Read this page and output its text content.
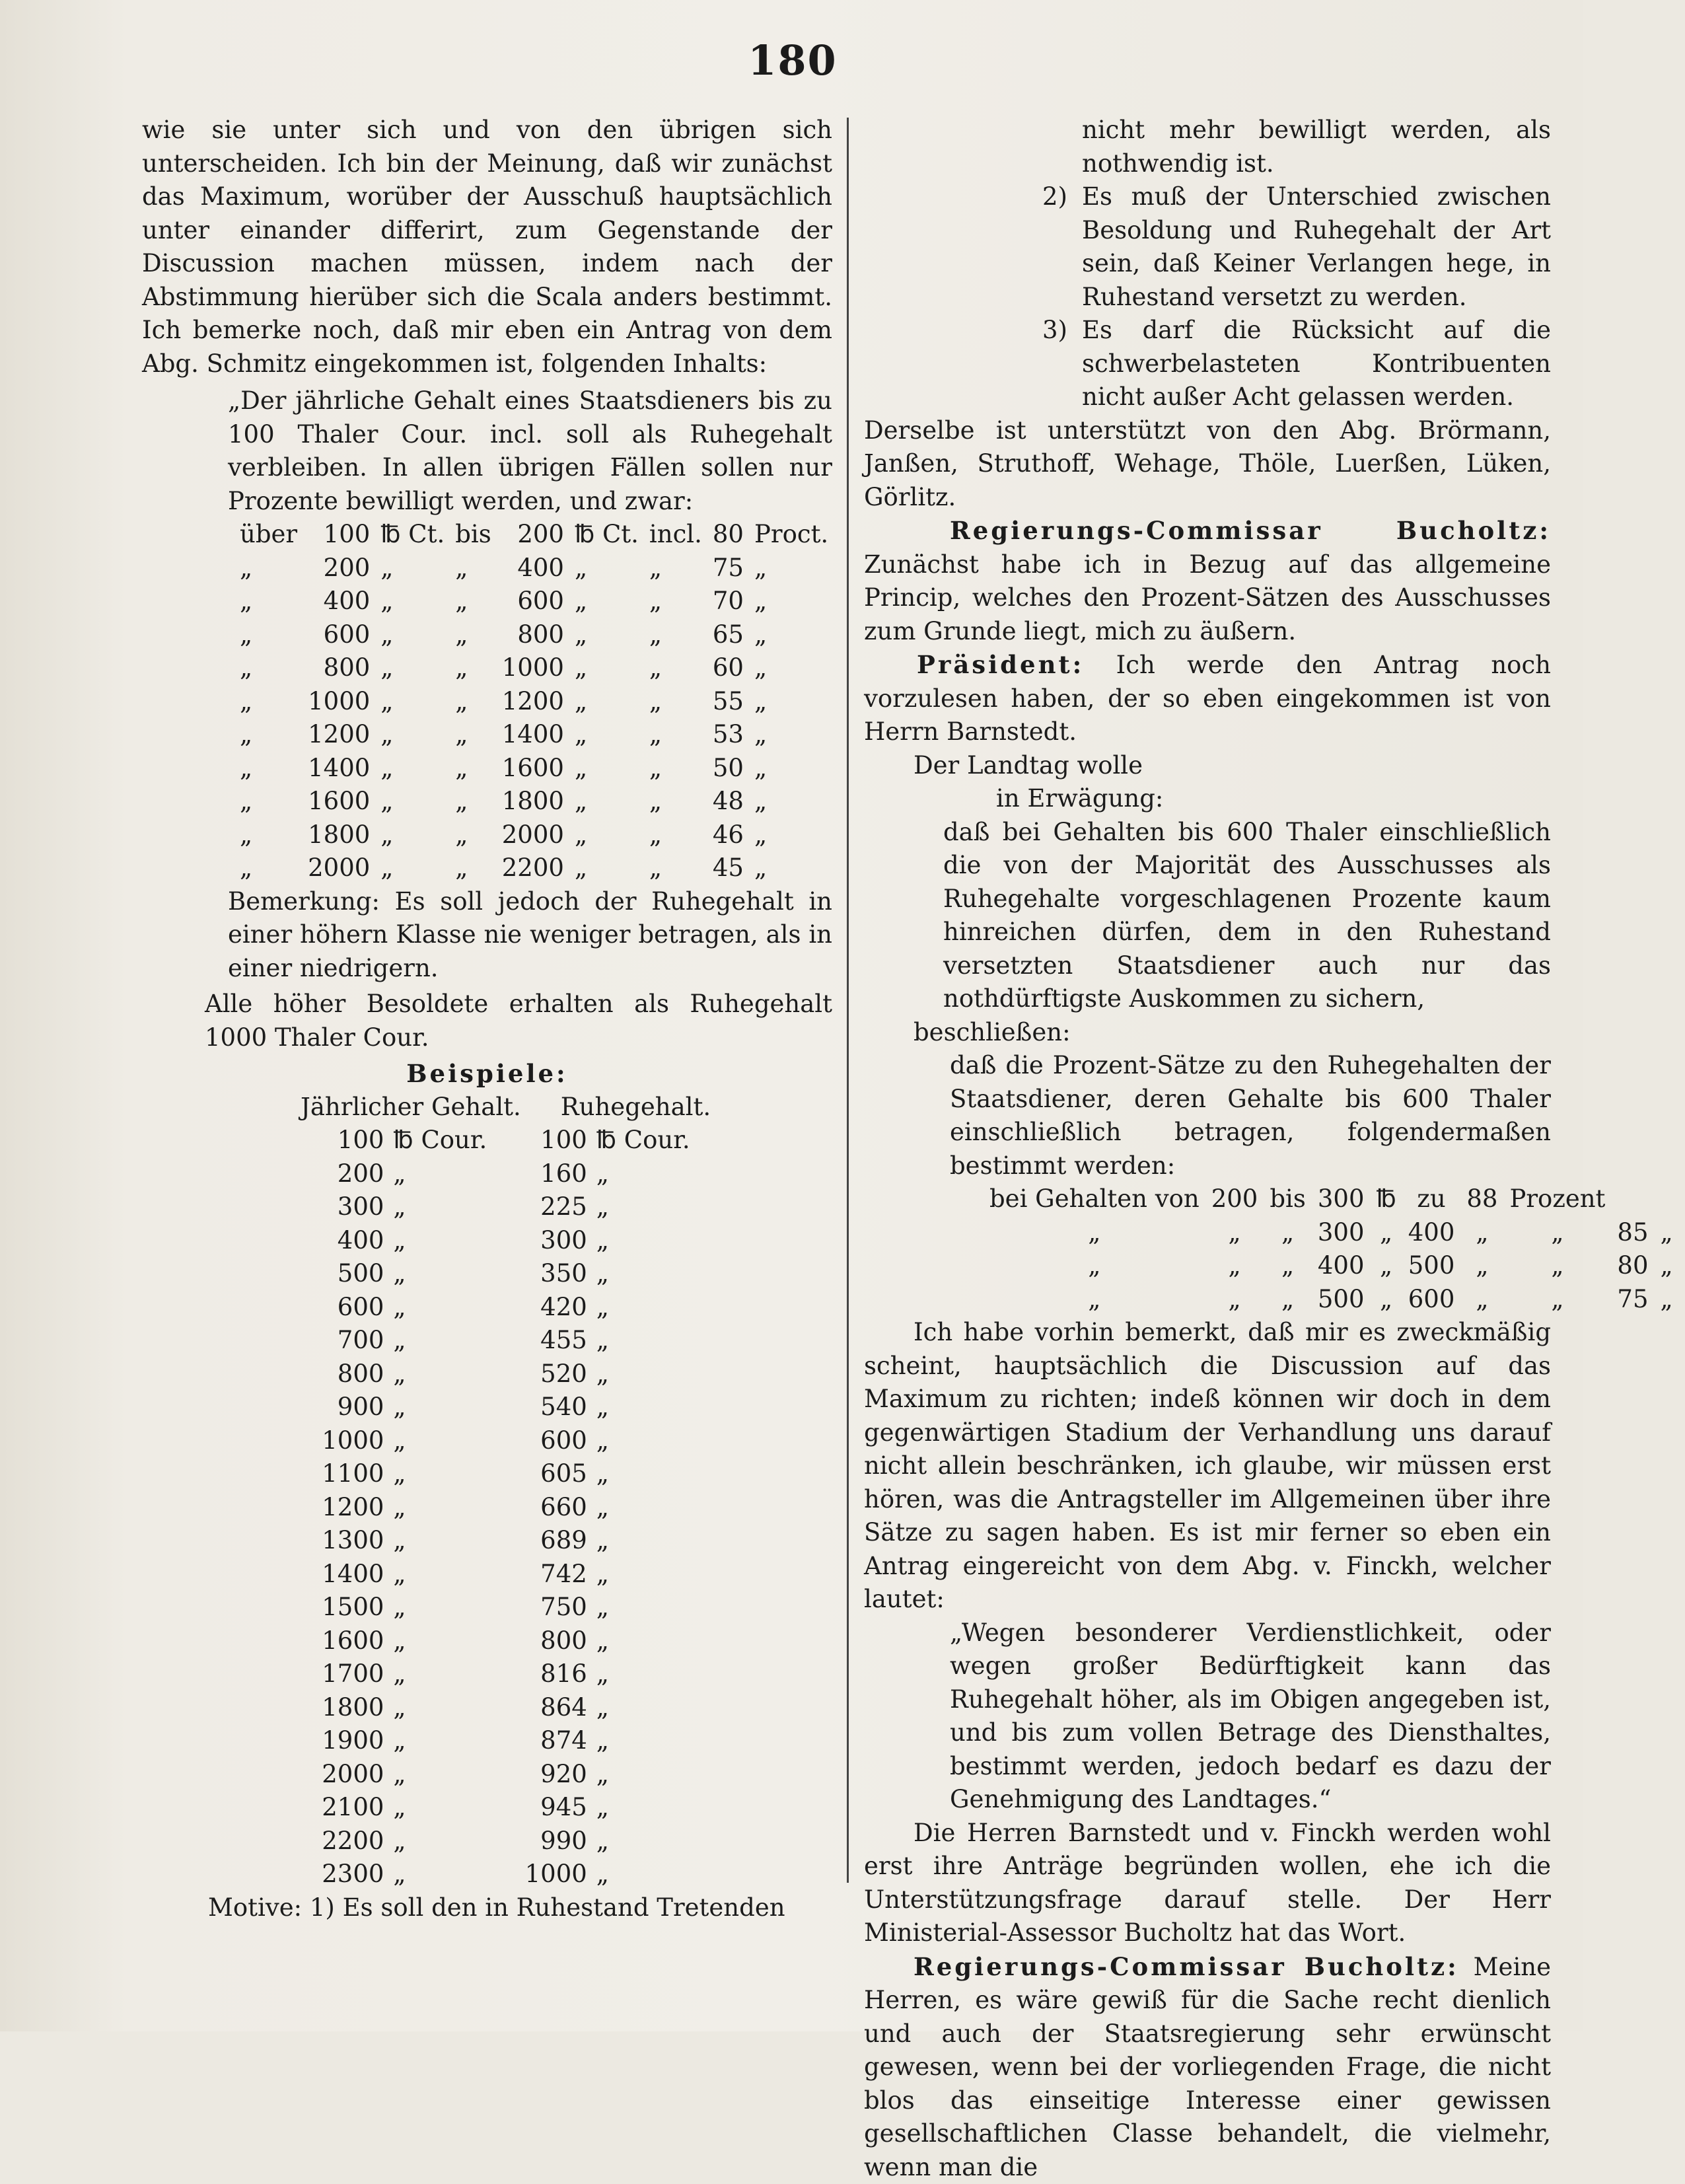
180

wie sie unter sich und von den übrigen sich unterscheiden. Ich bin der Meinung, daß wir zunächst das Maximum, worüber der Ausschuß hauptsächlich unter einander differirt, zum Gegenstande der Discussion machen müssen, indem nach der Abstimmung hierüber sich die Scala anders bestimmt. Ich bemerke noch, daß mir eben ein Antrag von dem Abg. Schmitz eingekommen ist, folgenden Inhalts:

„Der jährliche Gehalt eines Staatsdieners bis zu 100 Thaler Cour. incl. soll als Ruhegehalt verbleiben. In allen übrigen Fällen sollen nur Prozente bewilligt werden, und zwar:

über	100	℔ Ct.	bis	200	℔ Ct.	incl.	80	Proct.
„	200	„	„	400	„	„	75	„
„	400	„	„	600	„	„	70	„
„	600	„	„	800	„	„	65	„
„	800	„	„	1000	„	„	60	„
„	1000	„	„	1200	„	„	55	„
„	1200	„	„	1400	„	„	53	„
„	1400	„	„	1600	„	„	50	„
„	1600	„	„	1800	„	„	48	„
„	1800	„	„	2000	„	„	46	„
„	2000	„	„	2200	„	„	45	„

Bemerkung: Es soll jedoch der Ruhegehalt in einer höhern Klasse nie weniger betragen, als in einer niedrigern.

Alle höher Besoldete erhalten als Ruhegehalt 1000 Thaler Cour.

Beispiele:
Jährlicher Gehalt.		Ruhegehalt.	
100	℔ Cour.	100	℔ Cour.
200	„	160	„
300	„	225	„
400	„	300	„
500	„	350	„
600	„	420	„
700	„	455	„
800	„	520	„
900	„	540	„
1000	„	600	„
1100	„	605	„
1200	„	660	„
1300	„	689	„
1400	„	742	„
1500	„	750	„
1600	„	800	„
1700	„	816	„
1800	„	864	„
1900	„	874	„
2000	„	920	„
2100	„	945	„
2200	„	990	„
2300	„	1000	„

Motive: 1) Es soll den in Ruhestand Tretenden

nicht mehr bewilligt werden, als nothwendig ist.

2) Es muß der Unterschied zwischen Besoldung und Ruhegehalt der Art sein, daß Keiner Verlangen hege, in Ruhestand versetzt zu werden.

3) Es darf die Rücksicht auf die schwerbelasteten Kontribuenten nicht außer Acht gelassen werden.

Derselbe ist unterstützt von den Abg. Brörmann, Janßen, Struthoff, Wehage, Thöle, Luerßen, Lüken, Görlitz.

Regierungs-Commissar Bucholtz: Zunächst habe ich in Bezug auf das allgemeine Princip, welches den Prozent-Sätzen des Ausschusses zum Grunde liegt, mich zu äußern.

Präsident: Ich werde den Antrag noch vorzulesen haben, der so eben eingekommen ist von Herrn Barnstedt.

Der Landtag wolle

in Erwägung:

daß bei Gehalten bis 600 Thaler einschließlich die von der Majorität des Ausschusses als Ruhegehalte vorgeschlagenen Prozente kaum hinreichen dürfen, dem in den Ruhestand versetzten Staatsdiener auch nur das nothdürftigste Auskommen zu sichern,

beschließen:

daß die Prozent-Sätze zu den Ruhegehalten der Staatsdiener, deren Gehalte bis 600 Thaler einschließlich betragen, folgendermaßen bestimmt werden:

bei Gehalten von	200	bis	300	℔	zu	88	Prozent		
„	„	„	300	„	400	„	„	85	„
„	„	„	400	„	500	„	„	80	„
„	„	„	500	„	600	„	„	75	„

Ich habe vorhin bemerkt, daß mir es zweckmäßig scheint, hauptsächlich die Discussion auf das Maximum zu richten; indeß können wir doch in dem gegenwärtigen Stadium der Verhandlung uns darauf nicht allein beschränken, ich glaube, wir müssen erst hören, was die Antragsteller im Allgemeinen über ihre Sätze zu sagen haben. Es ist mir ferner so eben ein Antrag eingereicht von dem Abg. v. Finckh, welcher lautet:

„Wegen besonderer Verdienstlichkeit, oder wegen großer Bedürftigkeit kann das Ruhegehalt höher, als im Obigen angegeben ist, und bis zum vollen Betrage des Diensthaltes, bestimmt werden, jedoch bedarf es dazu der Genehmigung des Landtages.“

Die Herren Barnstedt und v. Finckh werden wohl erst ihre Anträge begründen wollen, ehe ich die Unterstützungsfrage darauf stelle. Der Herr Ministerial-Assessor Bucholtz hat das Wort.

Regierungs-Commissar Bucholtz: Meine Herren, es wäre gewiß für die Sache recht dienlich und auch der Staatsregierung sehr erwünscht gewesen, wenn bei der vorliegenden Frage, die nicht blos das einseitige Interesse einer gewissen gesellschaftlichen Classe behandelt, die vielmehr, wenn man die
